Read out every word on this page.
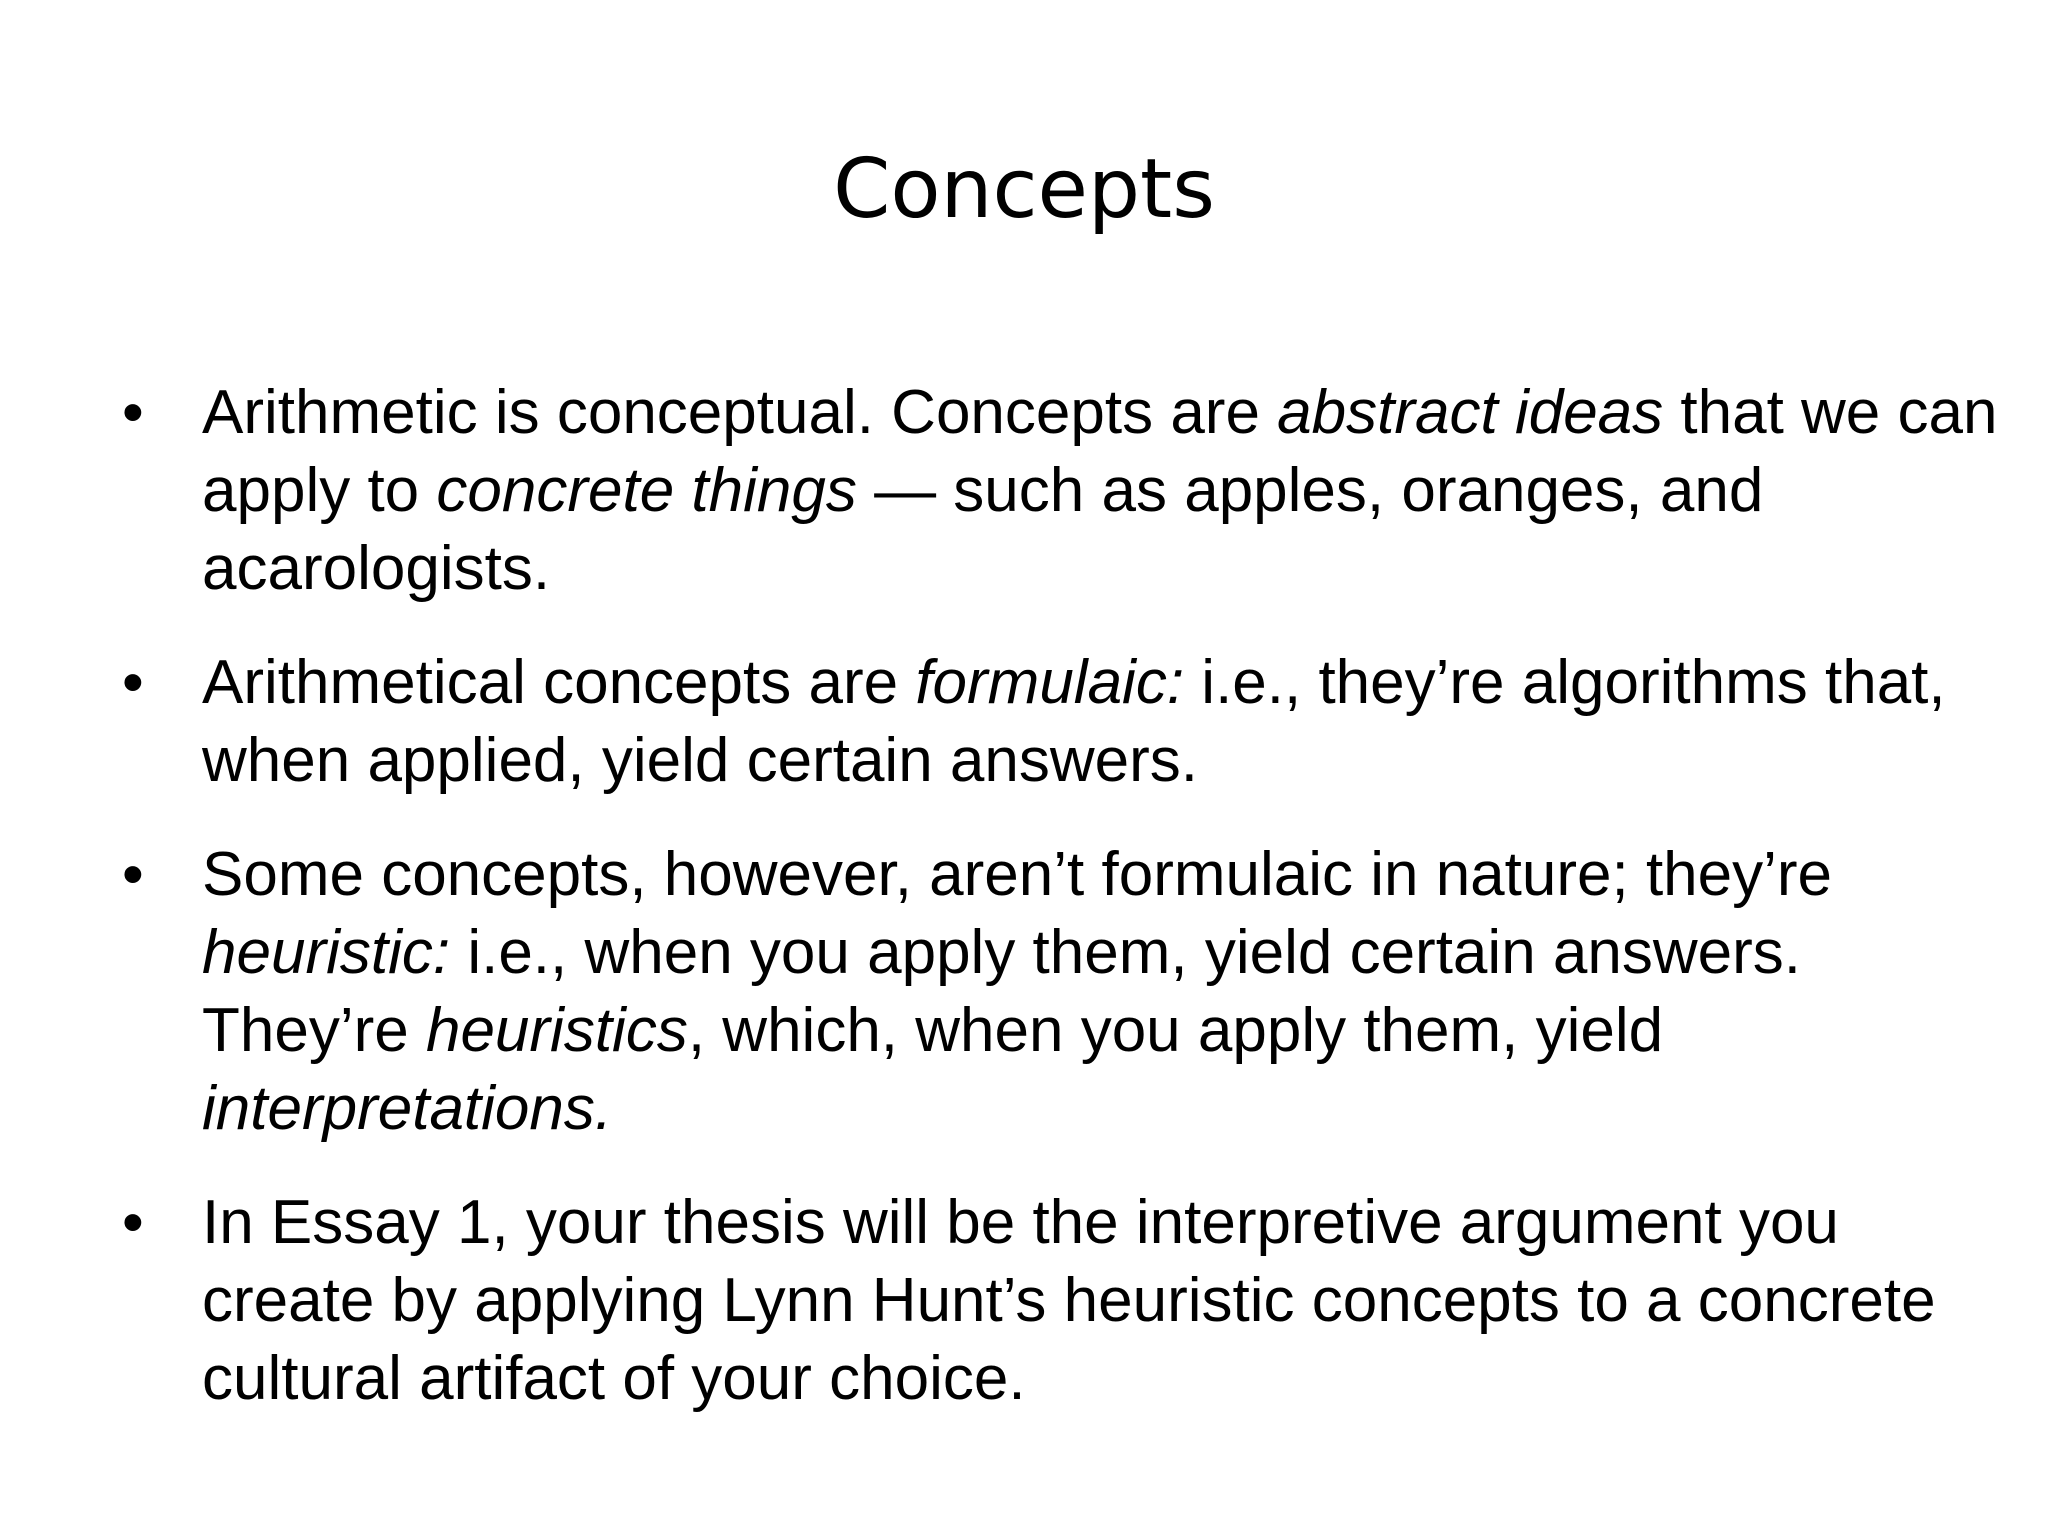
Concepts
• Arithmetic is conceptual. Concepts are abstract ideas that we can apply to concrete things — such as apples, oranges, and acarologists.
• Arithmetical concepts are formulaic: i.e., they’re algorithms that, when applied, yield certain answers.
• Some concepts, however, aren’t formulaic in nature; they’re heuristic: i.e., when you apply them, yield certain answers. They’re heuristics, which, when you apply them, yield interpretations.
• In Essay 1, your thesis will be the interpretive argument you create by applying Lynn Hunt’s heuristic concepts to a concrete cultural artifact of your choice.
